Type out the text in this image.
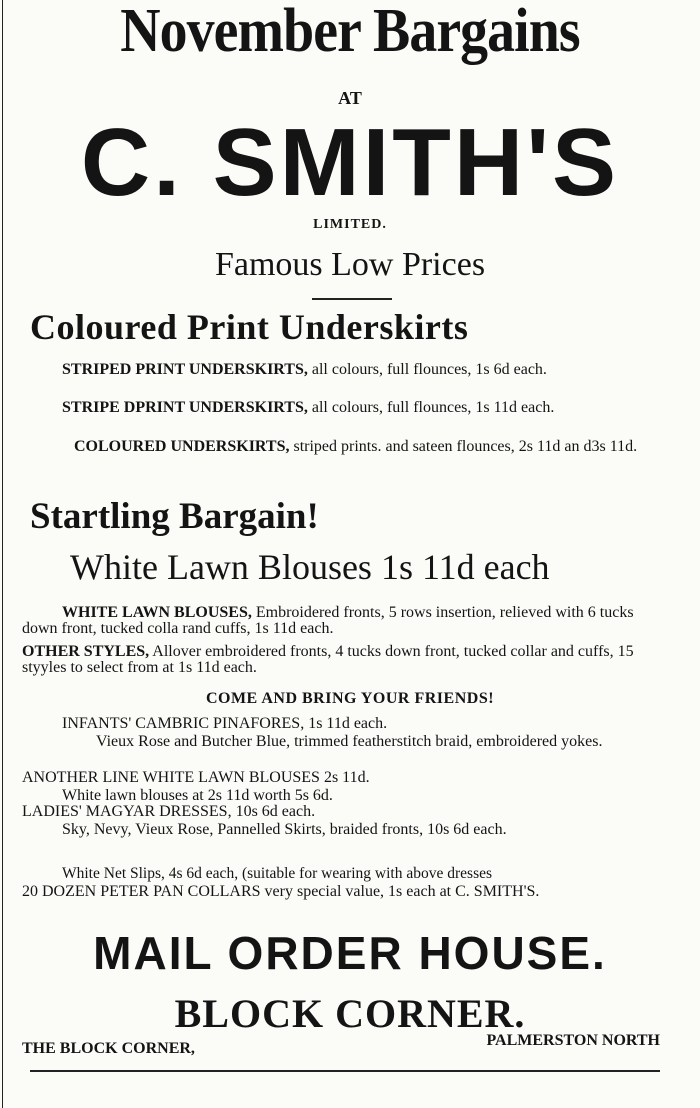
November Bargains
AT
C. SMITH'S
LIMITED.
Famous Low Prices
Coloured Print Underskirts
STRIPED PRINT UNDERSKIRTS, all colours, full flounces, 1s 6d each.
STRIPE DPRINT UNDERSKIRTS, all colours, full flounces, 1s 11d each.
COLOURED UNDERSKIRTS, striped prints. and sateen flounces, 2s 11d an d3s 11d.
Startling Bargain!
White Lawn Blouses 1s 11d each
WHITE LAWN BLOUSES, Embroidered fronts, 5 rows insertion, relieved with 6 tucks down front, tucked colla rand cuffs, 1s 11d each.
OTHER STYLES, Allover embroidered fronts, 4 tucks down front, tucked collar and cuffs, 15 styyles to select from at 1s 11d each.
COME AND BRING YOUR FRIENDS!
INFANTS' CAMBRIC PINAFORES, 1s 11d each.
Vieux Rose and Butcher Blue, trimmed featherstitch braid, embroidered yokes.
ANOTHER LINE WHITE LAWN BLOUSES 2s 11d.
White lawn blouses at 2s 11d worth 5s 6d.
LADIES' MAGYAR DRESSES, 10s 6d each.
Sky, Nevy, Vieux Rose, Pannelled Skirts, braided fronts, 10s 6d each.
White Net Slips, 4s 6d each, (suitable for wearing with above dresses
20 DOZEN PETER PAN COLLARS very special value, 1s each at C. SMITH'S.
MAIL ORDER HOUSE.
BLOCK CORNER.
THE BLOCK CORNER,	PALMERSTON NORTH
